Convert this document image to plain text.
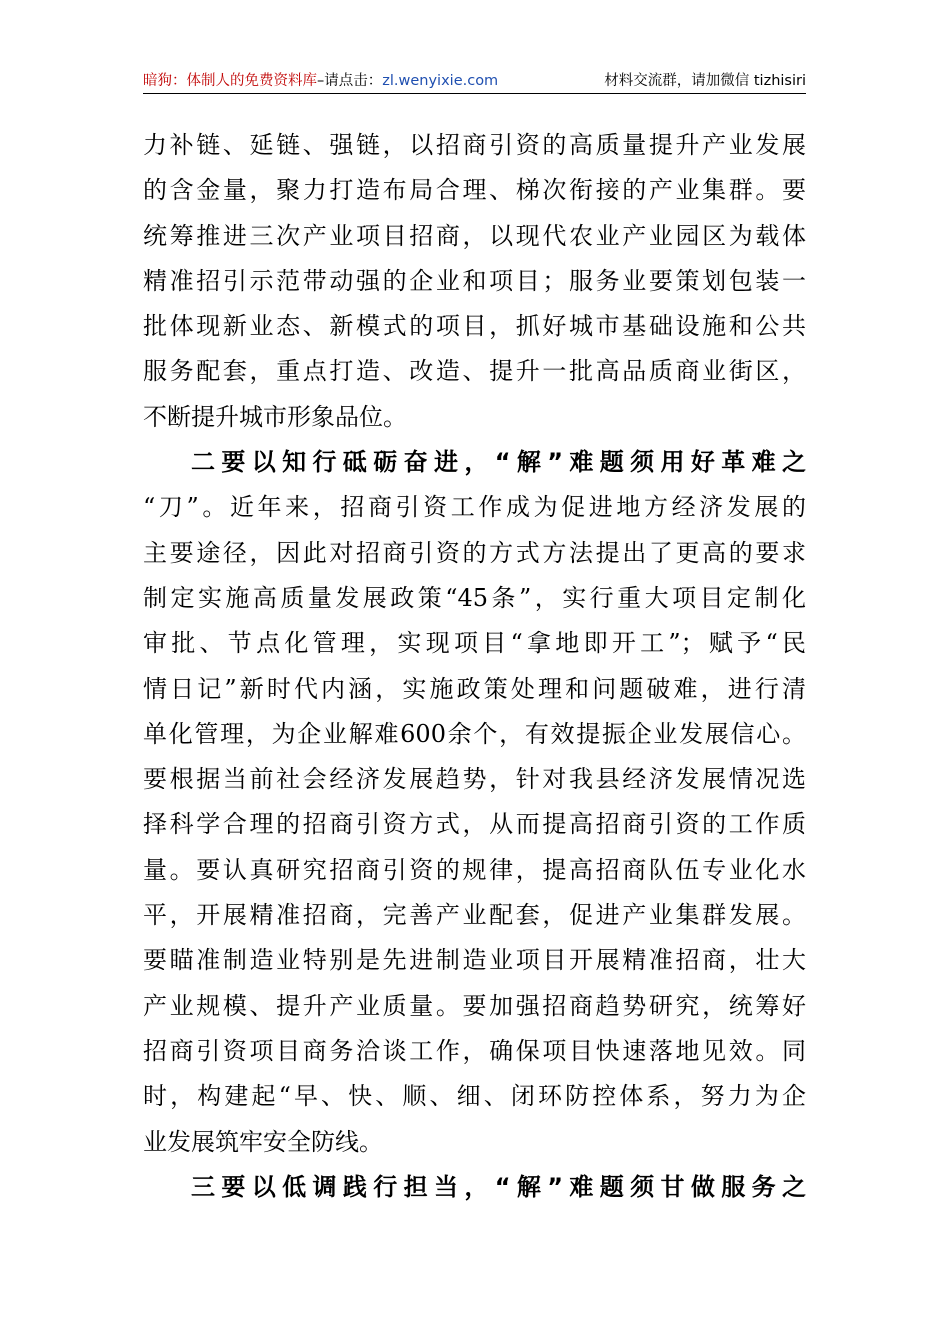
暗狗：体制人的免费资料库–请点击：zl.wenyixie.com	材料交流群，请加微信 tizhisiri
力补链、延链、强链，以招商引资的高质量提升产业发展
的含金量，聚力打造布局合理、梯次衔接的产业集群。要
统筹推进三次产业项目招商，以现代农业产业园区为载体
精准招引示范带动强的企业和项目；服务业要策划包装一
批体现新业态、新模式的项目，抓好城市基础设施和公共
服务配套，重点打造、改造、提升一批高品质商业街区，
不断提升城市形象品位。
二要以知行砥砺奋进，“解”难题须用好革难之
“刀”。近年来，招商引资工作成为促进地方经济发展的
主要途径，因此对招商引资的方式方法提出了更高的要求
制定实施高质量发展政策“45条”，实行重大项目定制化
审批、节点化管理，实现项目“拿地即开工”；赋予“民
情日记”新时代内涵，实施政策处理和问题破难，进行清
单化管理，为企业解难600余个，有效提振企业发展信心。
要根据当前社会经济发展趋势，针对我县经济发展情况选
择科学合理的招商引资方式，从而提高招商引资的工作质
量。要认真研究招商引资的规律，提高招商队伍专业化水
平，开展精准招商，完善产业配套，促进产业集群发展。
要瞄准制造业特别是先进制造业项目开展精准招商，壮大
产业规模、提升产业质量。要加强招商趋势研究，统筹好
招商引资项目商务洽谈工作，确保项目快速落地见效。同
时，构建起“早、快、顺、细、闭环防控体系，努力为企
业发展筑牢安全防线。
三要以低调践行担当，“解”难题须甘做服务之
